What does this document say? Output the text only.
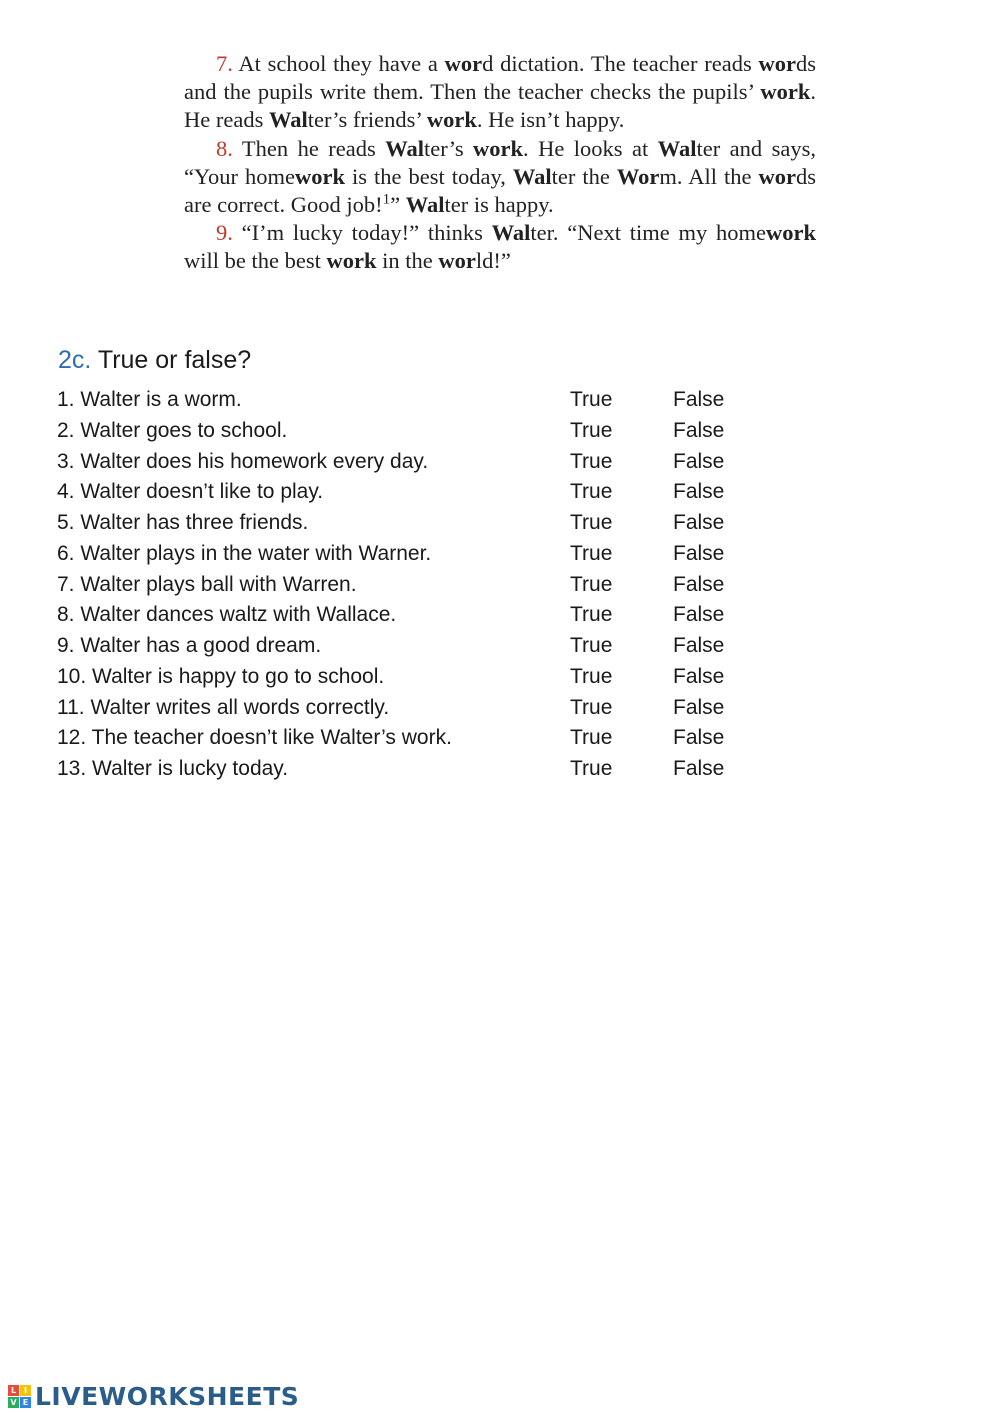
7. At school they have a word dictation. The teacher reads words and the pupils write them. Then the teacher checks the pupils’ work. He reads Walter’s friends’ work. He isn’t happy.

8. Then he reads Walter’s work. He looks at Walter and says, “Your homework is the best today, Walter the Worm. All the words are correct. Good job!$^1$” Walter is happy.

9. “I’m lucky today!” thinks Walter. “Next time my homework will be the best work in the world!”

2c. True or false?
1. Walter is a worm.	True	False
2. Walter goes to school.	True	False
3. Walter does his homework every day.	True	False
4. Walter doesn’t like to play.	True	False
5. Walter has three friends.	True	False
6. Walter plays in the water with Warner.	True	False
7. Walter plays ball with Warren.	True	False
8. Walter dances waltz with Wallace.	True	False
9. Walter has a good dream.	True	False
10. Walter is happy to go to school.	True	False
11. Walter writes all words correctly.	True	False
12. The teacher doesn’t like Walter’s work.	True	False
13. Walter is lucky today.	True	False
L I
V E LIVEWORKSHEETS
